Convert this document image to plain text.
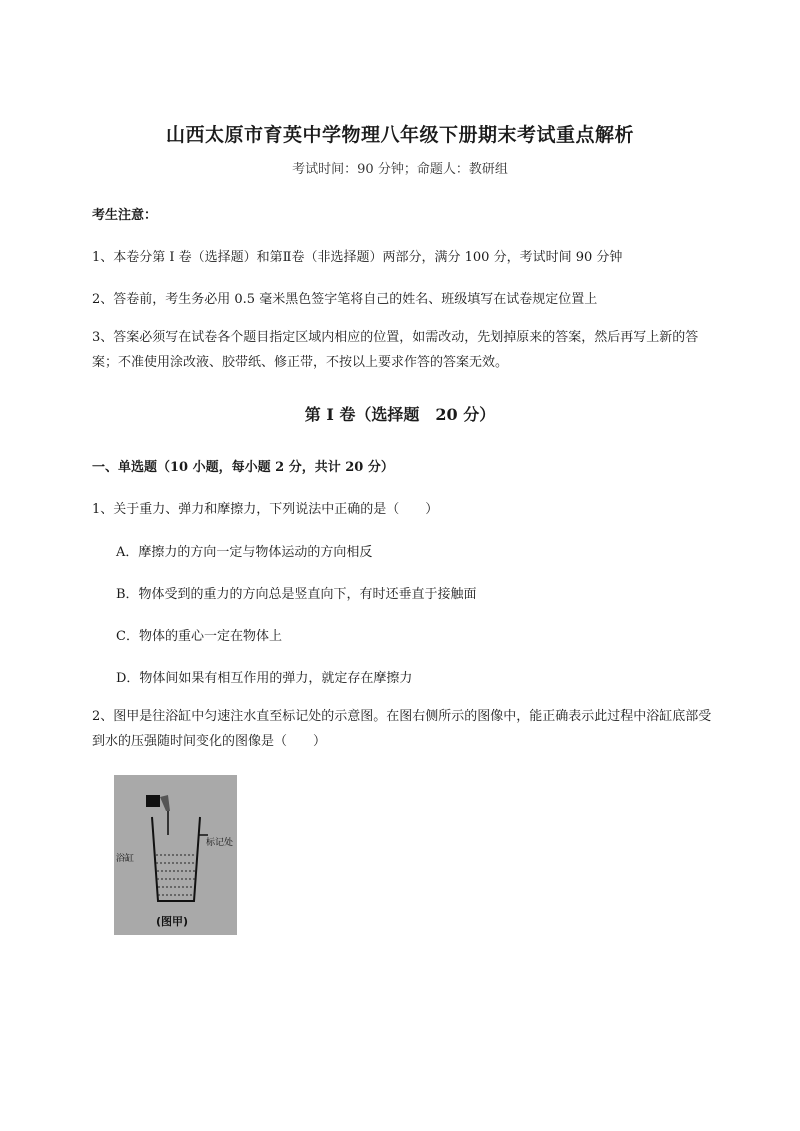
山西太原市育英中学物理八年级下册期末考试重点解析
考试时间：90 分钟；命题人：教研组
考生注意：
1、本卷分第 I 卷（选择题）和第Ⅱ卷（非选择题）两部分，满分 100 分，考试时间 90 分钟
2、答卷前，考生务必用 0.5 毫米黑色签字笔将自己的姓名、班级填写在试卷规定位置上
3、答案必须写在试卷各个题目指定区域内相应的位置，如需改动，先划掉原来的答案，然后再写上新的答案；不准使用涂改液、胶带纸、修正带，不按以上要求作答的答案无效。
第 I 卷（选择题　20 分）
一、单选题（10 小题，每小题 2 分，共计 20 分）
1、关于重力、弹力和摩擦力，下列说法中正确的是（　　）
A．摩擦力的方向一定与物体运动的方向相反
B．物体受到的重力的方向总是竖直向下，有时还垂直于接触面
C．物体的重心一定在物体上
D．物体间如果有相互作用的弹力，就定存在摩擦力
2、图甲是往浴缸中匀速注水直至标记处的示意图。在图右侧所示的图像中，能正确表示此过程中浴缸底部受到水的压强随时间变化的图像是（　　）
浴缸
标记处
(图甲)
